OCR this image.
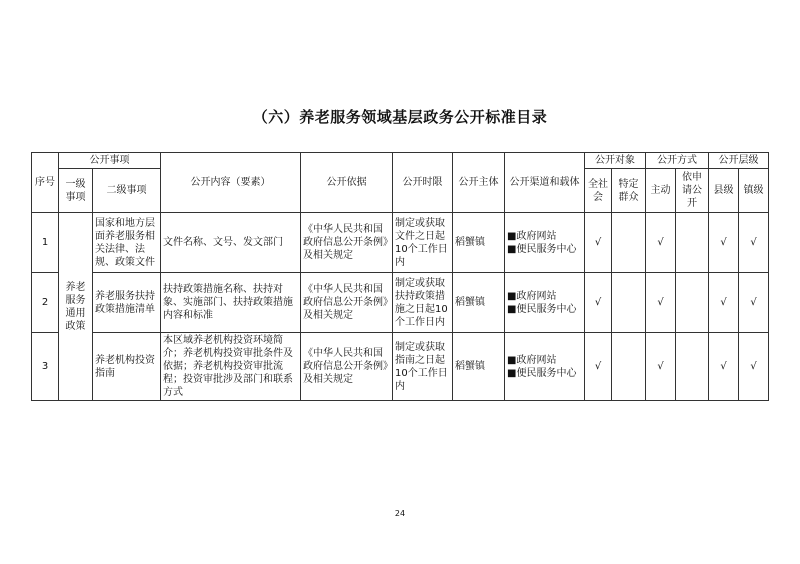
（六）养老服务领域基层政务公开标准目录
序号	公开事项		公开内容（要素）	公开依据	公开时限	公开主体	公开渠道和载体	公开对象		公开方式		公开层级	
	一级事项	二级事项						全社会	特定群众	主动	依申请公开	县级	镇级
1	养老服务通用政策	国家和地方层面养老服务相关法律、法规、政策文件	文件名称、文号、发文部门	《中华人民共和国政府信息公开条例》及相关规定	制定或获取文件之日起10个工作日内	稻蟹镇	■政府网站
■便民服务中心	√		√		√	√
2		养老服务扶持政策措施清单	扶持政策措施名称、扶持对象、实施部门、扶持政策措施内容和标准	《中华人民共和国政府信息公开条例》及相关规定	制定或获取扶持政策措施之日起10个工作日内	稻蟹镇	■政府网站
■便民服务中心	√		√		√	√
3		养老机构投资指南	本区域养老机构投资环境简介；养老机构投资审批条件及依据；养老机构投资审批流程；投资审批涉及部门和联系方式	《中华人民共和国政府信息公开条例》及相关规定	制定或获取指南之日起10个工作日内	稻蟹镇	■政府网站
■便民服务中心	√		√		√	√
24
